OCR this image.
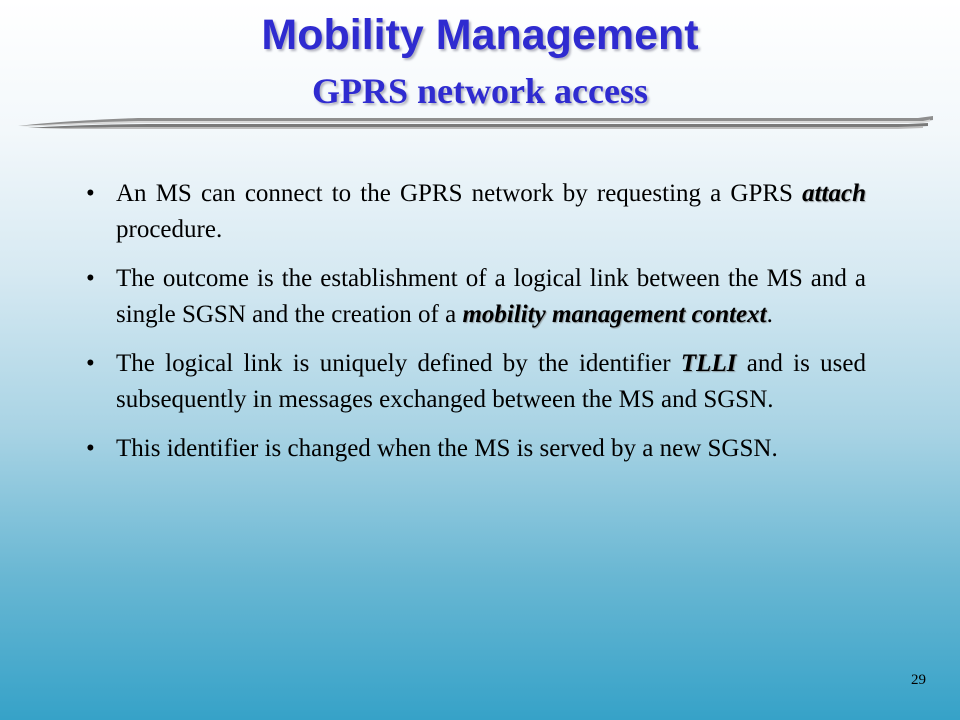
Mobility Management
GPRS network access
• An MS can connect to the GPRS network by requesting a GPRS attach procedure.
• The outcome is the establishment of a logical link between the MS and a single SGSN and the creation of a mobility management context.
• The logical link is uniquely defined by the identifier TLLI and is used subsequently in messages exchanged between the MS and SGSN.
• This identifier is changed when the MS is served by a new SGSN.
29
